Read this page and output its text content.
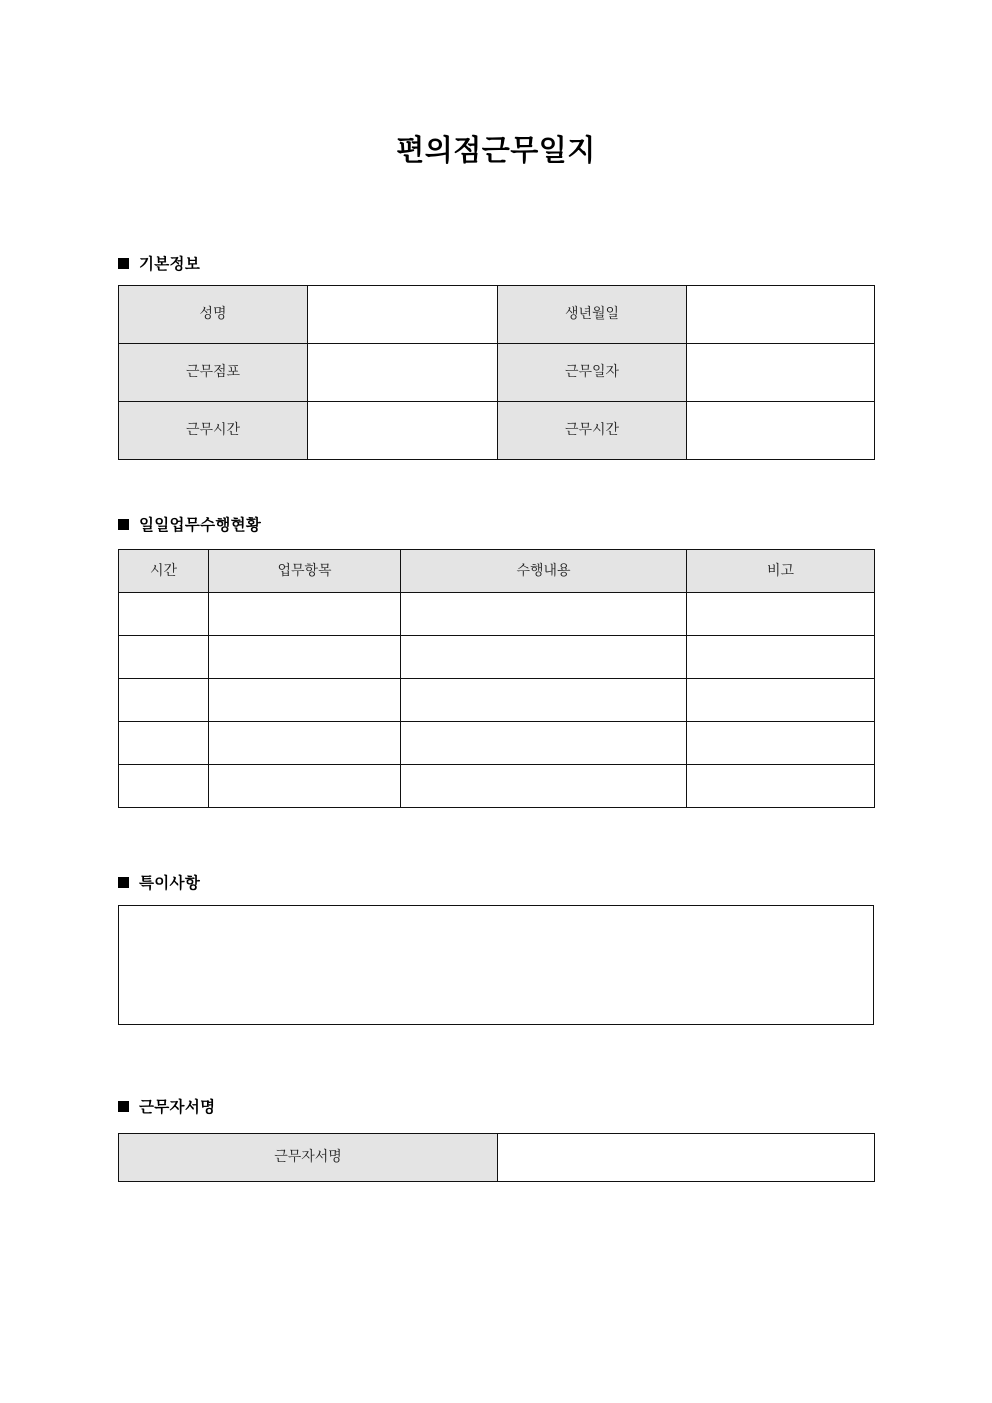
편의점근무일지
기본정보
성명		생년월일	
근무점포		근무일자	
근무시간		근무시간	
일일업무수행현황
시간	업무항목	수행내용	비고

특이사항
근무자서명
근무자서명	
